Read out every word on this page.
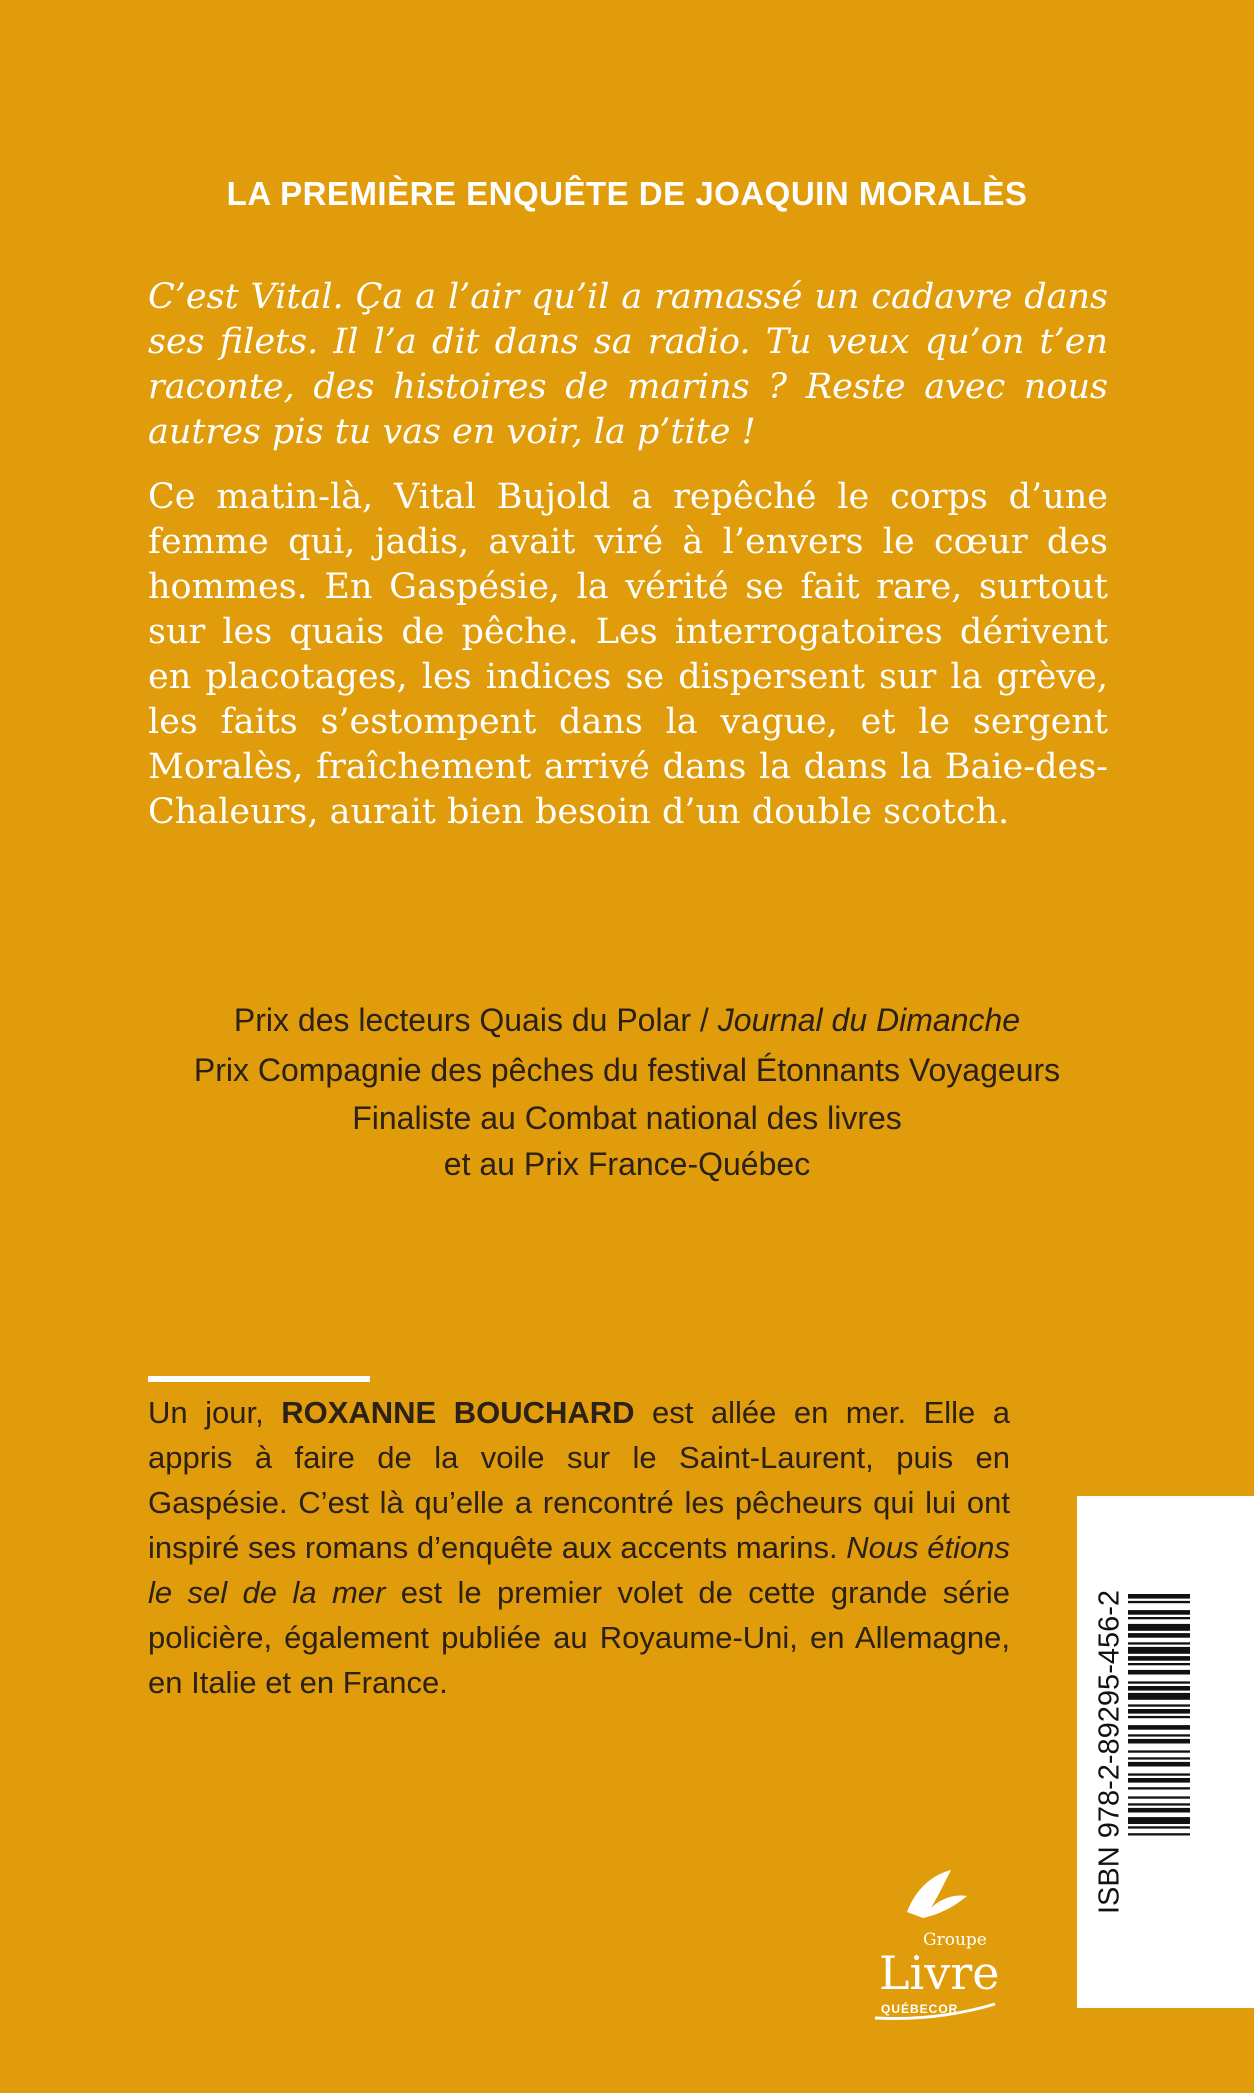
LA PREMIÈRE ENQUÊTE DE JOAQUIN MORALÈS
C’est Vital. Ça a l’air qu’il a ramassé un cadavre dans ses filets. Il l’a dit dans sa radio. Tu veux qu’on t’en raconte, des histoires de marins ? Reste avec nous autres pis tu vas en voir, la p’tite !
Ce matin-là, Vital Bujold a repêché le corps d’une femme qui, jadis, avait viré à l’envers le cœur des hommes. En Gaspésie, la vérité se fait rare, surtout sur les quais de pêche. Les interrogatoires dérivent en placotages, les indices se dispersent sur la grève, les faits s’estompent dans la vague, et le sergent Moralès, fraîchement arrivé dans la dans la Baie-des-Chaleurs, aurait bien besoin d’un double scotch.
Prix des lecteurs Quais du Polar / Journal du Dimanche
Prix Compagnie des pêches du festival Étonnants Voyageurs
Finaliste au Combat national des livres
et au Prix France-Québec
Un jour, ROXANNE BOUCHARD est allée en mer. Elle a appris à faire de la voile sur le Saint-Laurent, puis en Gaspésie. C’est là qu’elle a rencontré les pêcheurs qui lui ont inspiré ses romans d’enquête aux accents marins. Nous étions le sel de la mer est le premier volet de cette grande série policière, également publiée au Royaume-Uni, en Allemagne, en Italie et en France.	ISBN 978-2-89295-456-2
Groupe
Livre
QUÉBECOR
